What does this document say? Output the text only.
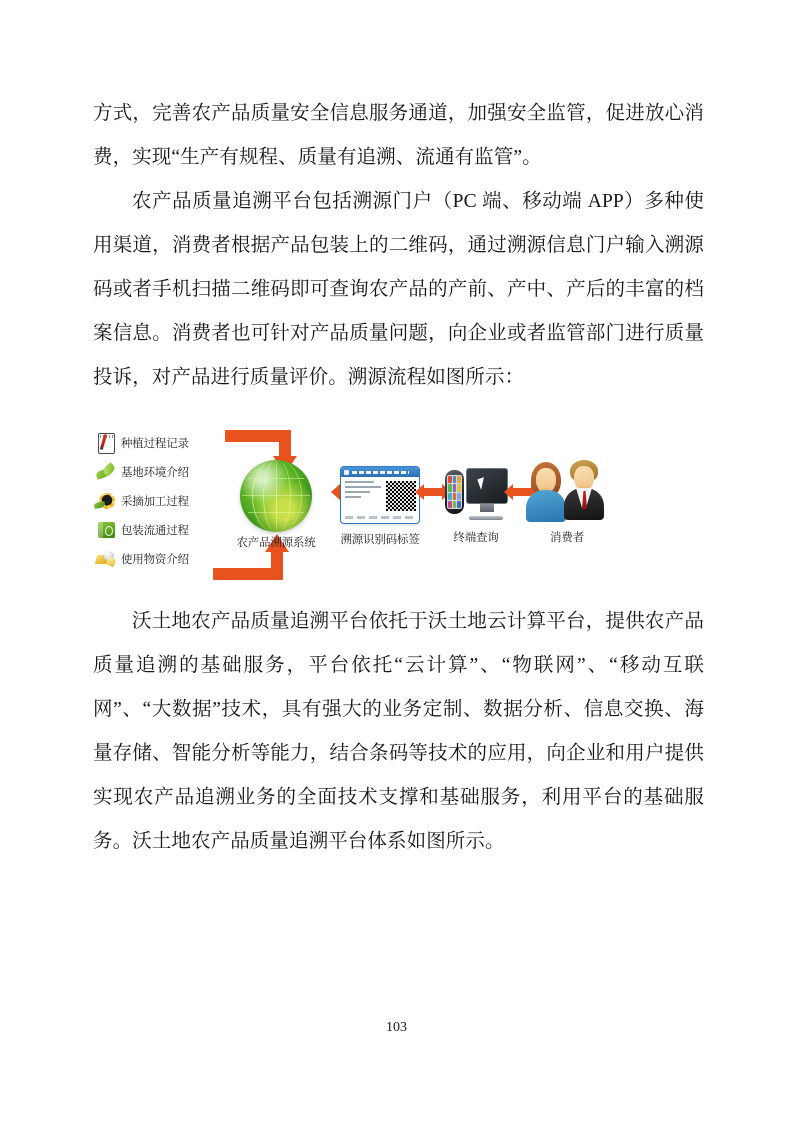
方式，完善农产品质量安全信息服务通道，加强安全监管，促进放心消费，实现“生产有规程、质量有追溯、流通有监管”。

农产品质量追溯平台包括溯源门户（PC 端、移动端 APP）多种使用渠道，消费者根据产品包装上的二维码，通过溯源信息门户输入溯源码或者手机扫描二维码即可查询农产品的产前、产中、产后的丰富的档案信息。消费者也可针对产品质量问题，向企业或者监管部门进行质量投诉，对产品进行质量评价。溯源流程如图所示：

种植过程记录
基地环境介绍
采摘加工过程
包装流通过程
使用物资介绍
农产品溯源系统	溯源识别码标签	终端查询	消费者

沃土地农产品质量追溯平台依托于沃土地云计算平台，提供农产品质量追溯的基础服务，平台依托“云计算”、“物联网”、“移动互联网”、“大数据”技术，具有强大的业务定制、数据分析、信息交换、海量存储、智能分析等能力，结合条码等技术的应用，向企业和用户提供实现农产品追溯业务的全面技术支撑和基础服务，利用平台的基础服务。沃土地农产品质量追溯平台体系如图所示。

103
